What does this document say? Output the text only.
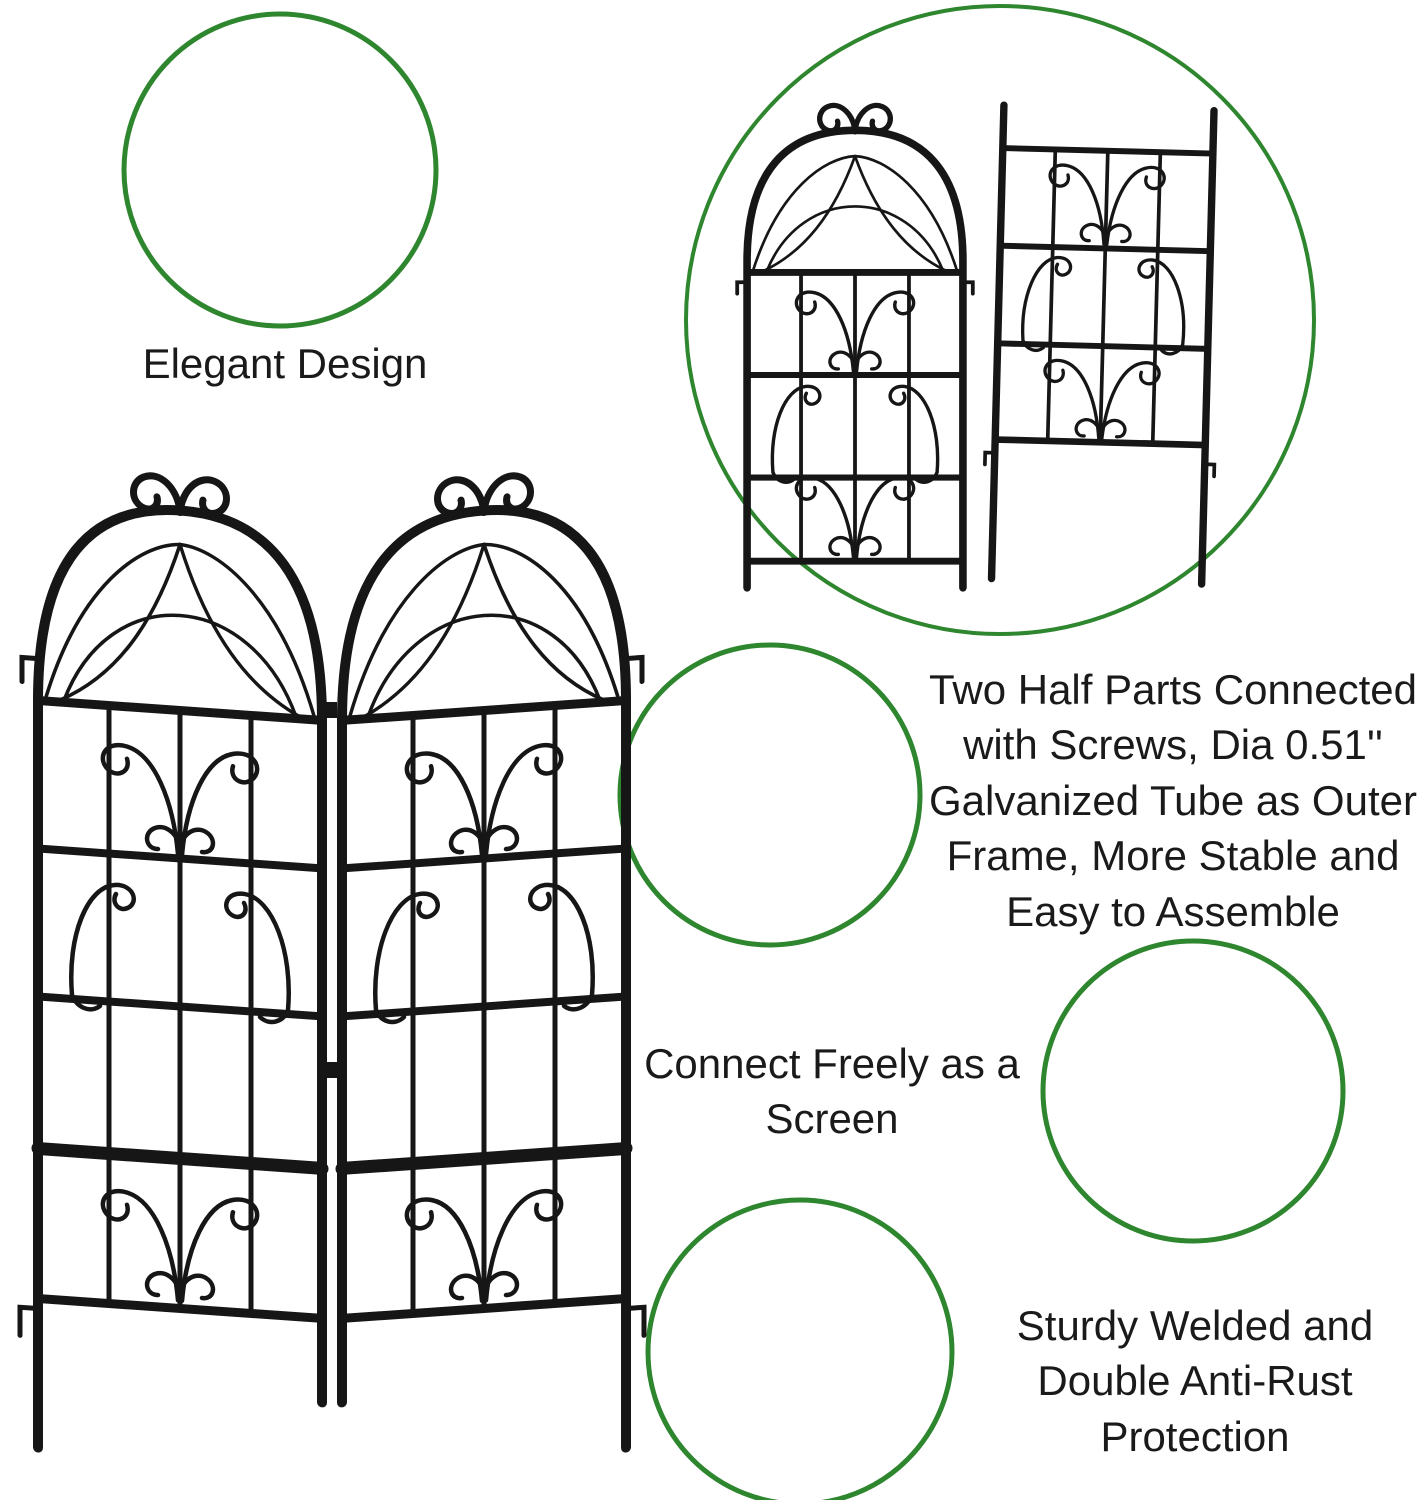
Elegant Design
Two Half Parts Connected with Screws, Dia 0.51'' Galvanized Tube as Outer Frame, More Stable and Easy to Assemble
Connect Freely as a Screen
Sturdy Welded and Double Anti-Rust Protection
